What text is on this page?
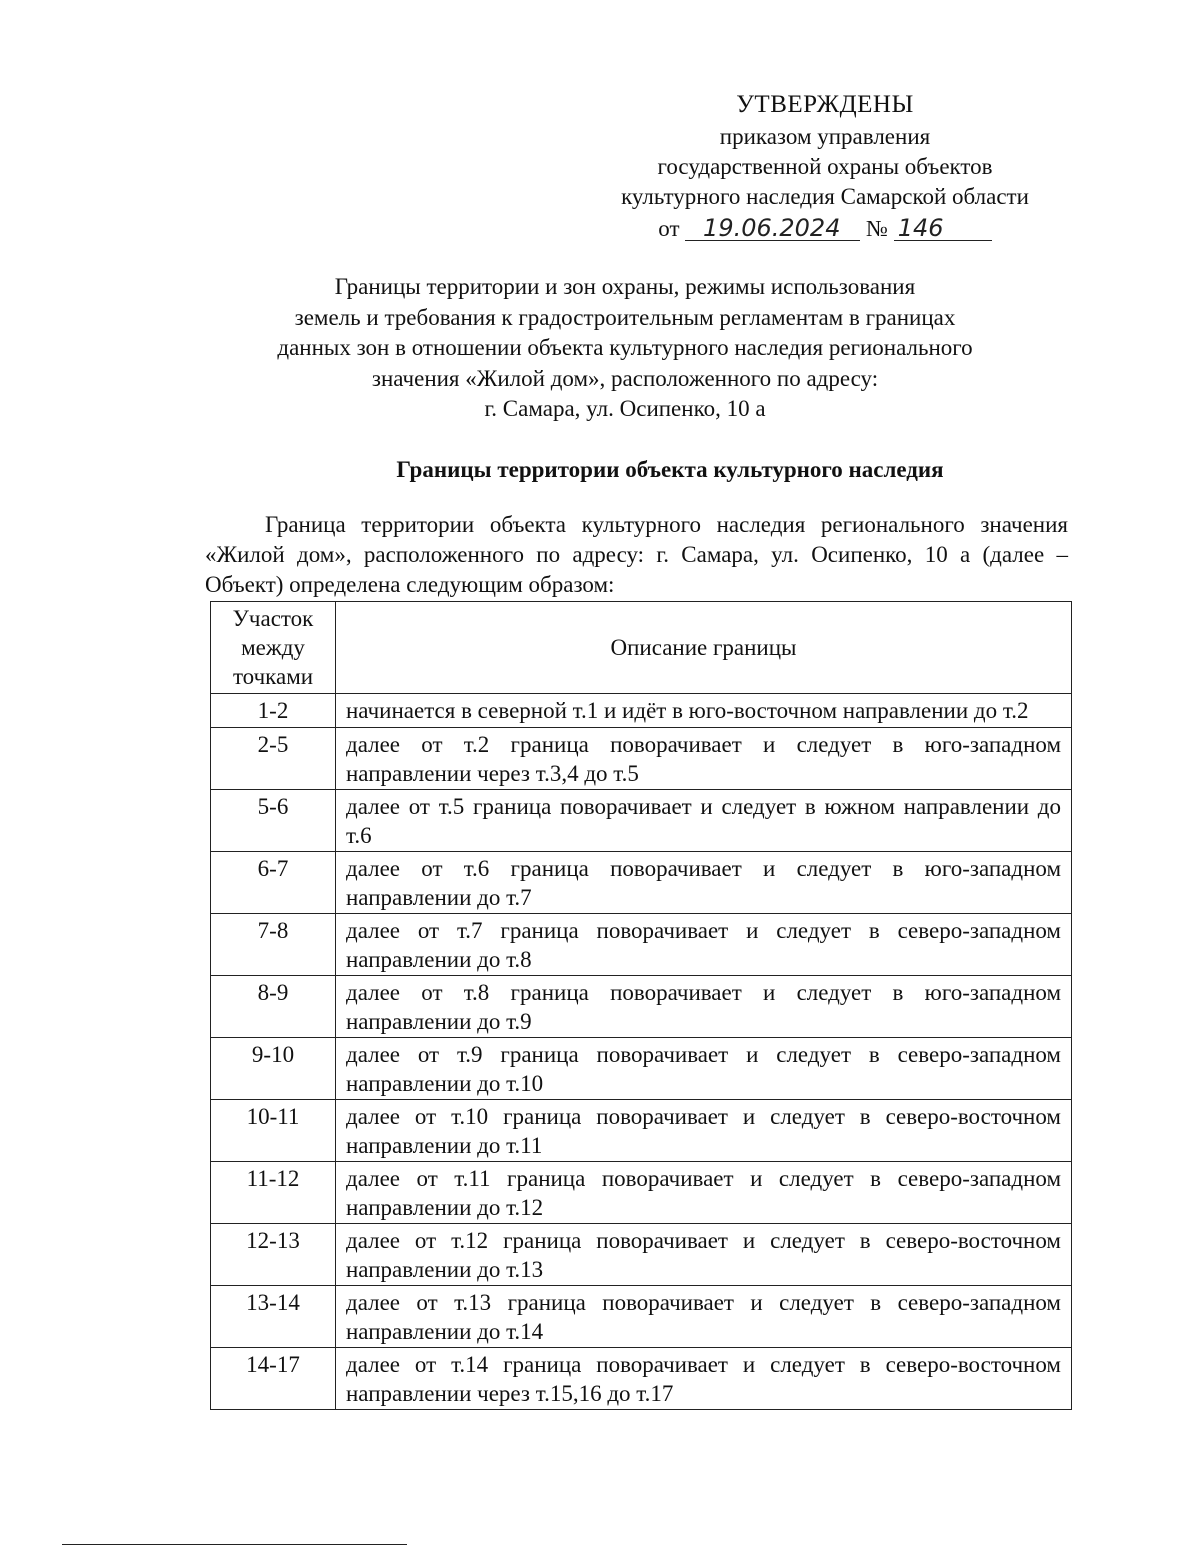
УТВЕРЖДЕНЫ
приказом управления
государственной охраны объектов
культурного наследия Самарской области
от 19.06.2024 № 146
Границы территории и зон охраны, режимы использования
земель и требования к градостроительным регламентам в границах
данных зон в отношении объекта культурного наследия регионального
значения «Жилой дом», расположенного по адресу:
г. Самара, ул. Осипенко, 10 а
Границы территории объекта культурного наследия
Граница территории объекта культурного наследия регионального значения «Жилой дом», расположенного по адресу: г. Самара, ул. Осипенко, 10 а (далее – Объект) определена следующим образом:
Участок
между
точками	Описание границы
1-2	начинается в северной т.1 и идёт в юго-восточном направлении до т.2
2-5	далее от т.2 граница поворачивает и следует в юго-западном направлении через т.3,4 до т.5
5-6	далее от т.5 граница поворачивает и следует в южном направлении до т.6
6-7	далее от т.6 граница поворачивает и следует в юго-западном направлении до т.7
7-8	далее от т.7 граница поворачивает и следует в северо-западном направлении до т.8
8-9	далее от т.8 граница поворачивает и следует в юго-западном направлении до т.9
9-10	далее от т.9 граница поворачивает и следует в северо-западном направлении до т.10
10-11	далее от т.10 граница поворачивает и следует в северо-восточном направлении до т.11
11-12	далее от т.11 граница поворачивает и следует в северо-западном направлении до т.12
12-13	далее от т.12 граница поворачивает и следует в северо-восточном направлении до т.13
13-14	далее от т.13 граница поворачивает и следует в северо-западном направлении до т.14
14-17	далее от т.14 граница поворачивает и следует в северо-восточном направлении через т.15,16 до т.17
